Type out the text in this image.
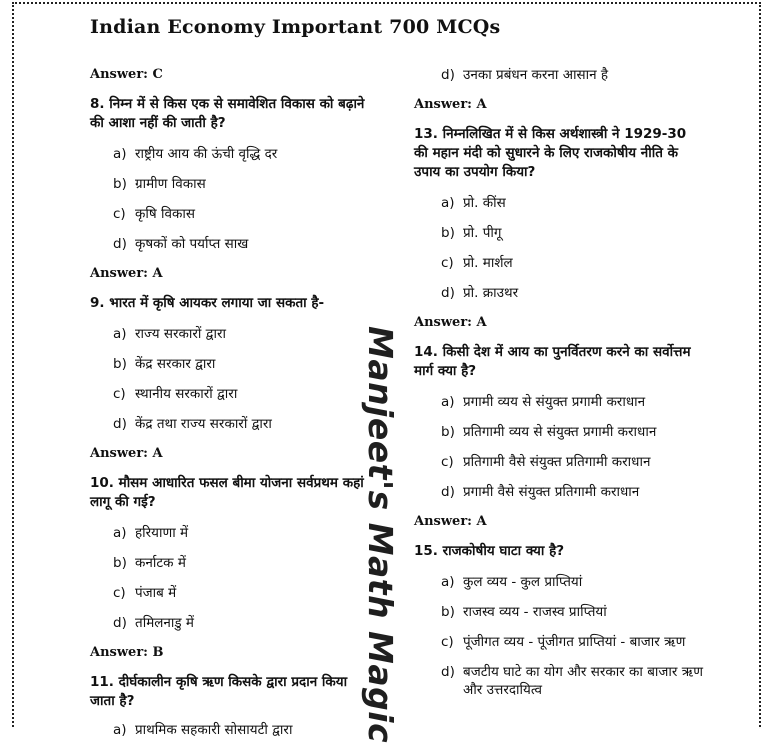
Indian Economy Important 700 MCQs
Answer: C
8. निम्न में से किस एक से समावेशित विकास को बढ़ाने की आशा नहीं की जाती है?
a) राष्ट्रीय आय की ऊंची वृद्धि दर
b) ग्रामीण विकास
c) कृषि विकास
d) कृषकों को पर्याप्त साख
Answer: A
9. भारत में कृषि आयकर लगाया जा सकता है-
a) राज्य सरकारों द्वारा
b) केंद्र सरकार द्वारा
c) स्थानीय सरकारों द्वारा
d) केंद्र तथा राज्य सरकारों द्वारा
Answer: A
10. मौसम आधारित फसल बीमा योजना सर्वप्रथम कहां लागू की गई?
a) हरियाणा में
b) कर्नाटक में
c) पंजाब में
d) तमिलनाडु में
Answer: B
11. दीर्घकालीन कृषि ऋण किसके द्वारा प्रदान किया जाता है?
a) प्राथमिक सहकारी सोसायटी द्वारा	Manjeet's Math Magic
d) उनका प्रबंधन करना आसान है
Answer: A
13. निम्नलिखित में से किस अर्थशास्त्री ने 1929-30 की महान मंदी को सुधारने के लिए राजकोषीय नीति के उपाय का उपयोग किया?
a) प्रो. कींस
b) प्रो. पीगू
c) प्रो. मार्शल
d) प्रो. क्राउथर
Answer: A
14. किसी देश में आय का पुनर्वितरण करने का सर्वोत्तम मार्ग क्या है?
a) प्रगामी व्यय से संयुक्त प्रगामी कराधान
b) प्रतिगामी व्यय से संयुक्त प्रगामी कराधान
c) प्रतिगामी वैसे संयुक्त प्रतिगामी कराधान
d) प्रगामी वैसे संयुक्त प्रतिगामी कराधान
Answer: A
15. राजकोषीय घाटा क्या है?
a) कुल व्यय - कुल प्राप्तियां
b) राजस्व व्यय - राजस्व प्राप्तियां
c) पूंजीगत व्यय - पूंजीगत प्राप्तियां - बाजार ऋण
d) बजटीय घाटे का योग और सरकार का बाजार ऋण और उत्तरदायित्व
